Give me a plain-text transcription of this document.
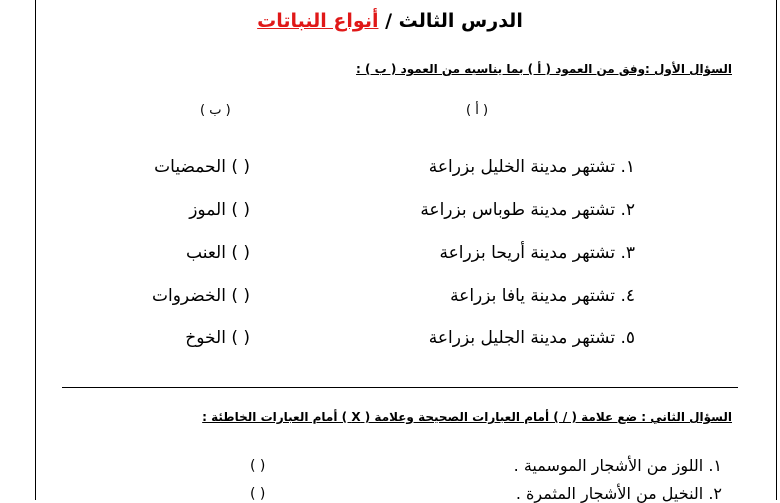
الدرس الثالث / أنواع النباتات
السؤال الأول :وفق من العمود ( أ ) بما يناسبه من العمود ( ب ) :
( أ )
( ب )
١. تشتهر مدينة الخليل بزراعة
٢. تشتهر مدينة طوباس بزراعة
٣. تشتهر مدينة أريحا بزراعة
٤. تشتهر مدينة يافا بزراعة
٥. تشتهر مدينة الجليل بزراعة
( ) الحمضيات
( ) الموز
( ) العنب
( ) الخضروات
( ) الخوخ
السؤال الثاني : ضع علامة ( / ) أمام العبارات الصحيحة وعلامة ( X ) أمام العبارات الخاطئة :
١. اللوز من الأشجار الموسمية .
( )
٢. النخيل من الأشجار المثمرة .
( )
